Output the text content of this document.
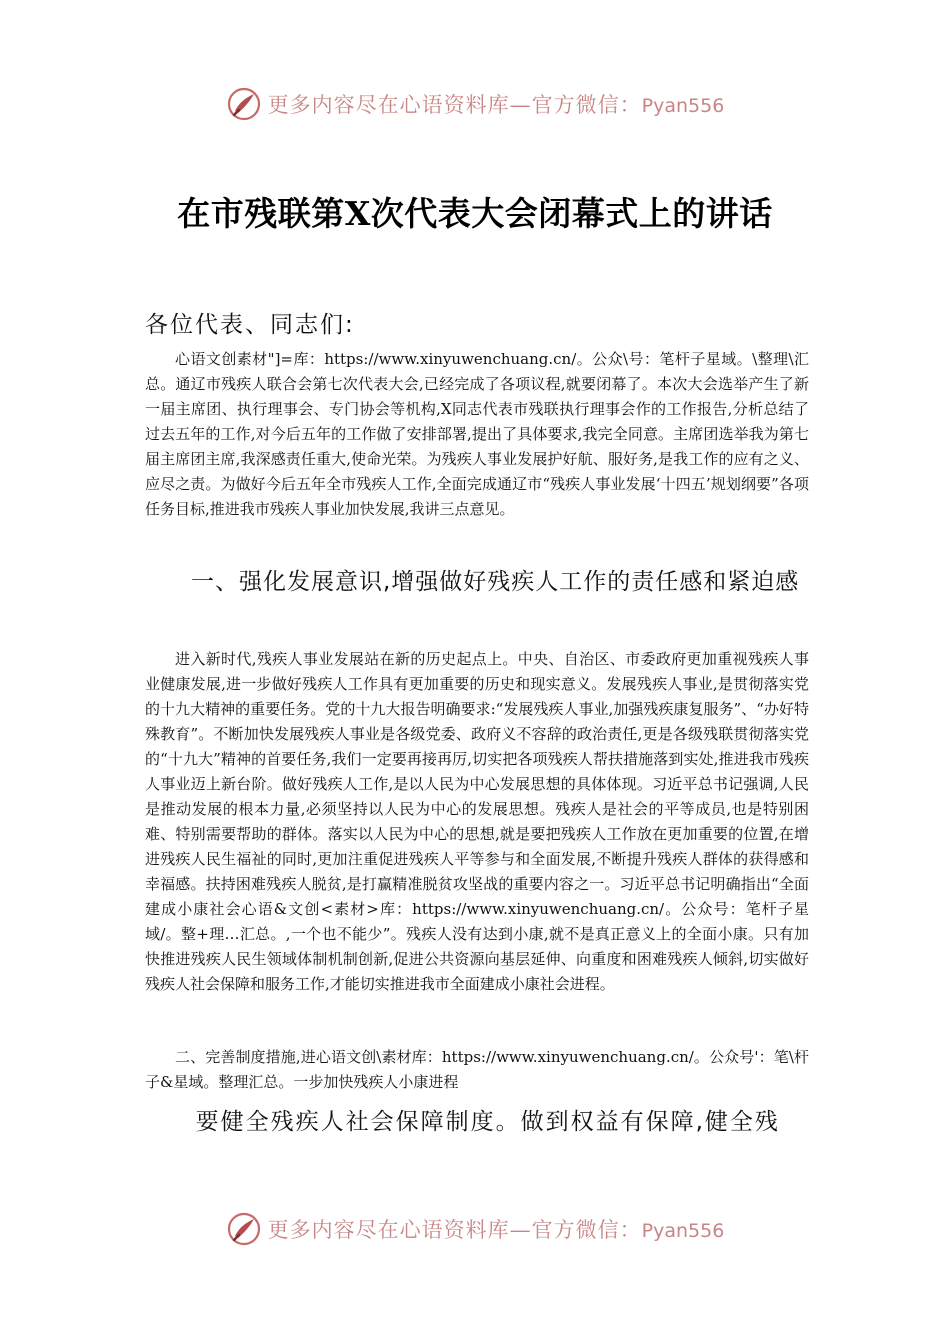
更多内容尽在心语资料库—官方微信：Pyan556
在市残联第X次代表大会闭幕式上的讲话

各位代表、同志们:

心语文创素材"]=库：https://www.xinyuwenchuang.cn/。公众\号：笔杆子星域。\整理\汇总。通辽市残疾人联合会第七次代表大会,已经完成了各项议程,就要闭幕了。本次大会选举产生了新一届主席团、执行理事会、专门协会等机构,X同志代表市残联执行理事会作的工作报告,分析总结了过去五年的工作,对今后五年的工作做了安排部署,提出了具体要求,我完全同意。主席团选举我为第七届主席团主席,我深感责任重大,使命光荣。为残疾人事业发展护好航、服好务,是我工作的应有之义、应尽之责。为做好今后五年全市残疾人工作,全面完成通辽市“残疾人事业发展‘十四五’规划纲要”各项任务目标,推进我市残疾人事业加快发展,我讲三点意见。

一、强化发展意识,增强做好残疾人工作的责任感和紧迫感

进入新时代,残疾人事业发展站在新的历史起点上。中央、自治区、市委政府更加重视残疾人事业健康发展,进一步做好残疾人工作具有更加重要的历史和现实意义。发展残疾人事业,是贯彻落实党的十九大精神的重要任务。党的十九大报告明确要求:“发展残疾人事业,加强残疾康复服务”、“办好特殊教育”。不断加快发展残疾人事业是各级党委、政府义不容辞的政治责任,更是各级残联贯彻落实党的“十九大”精神的首要任务,我们一定要再接再厉,切实把各项残疾人帮扶措施落到实处,推进我市残疾人事业迈上新台阶。做好残疾人工作,是以人民为中心发展思想的具体体现。习近平总书记强调,人民是推动发展的根本力量,必须坚持以人民为中心的发展思想。残疾人是社会的平等成员,也是特别困难、特别需要帮助的群体。落实以人民为中心的思想,就是要把残疾人工作放在更加重要的位置,在增进残疾人民生福祉的同时,更加注重促进残疾人平等参与和全面发展,不断提升残疾人群体的获得感和幸福感。扶持困难残疾人脱贫,是打赢精准脱贫攻坚战的重要内容之一。习近平总书记明确指出“全面建成小康社会心语&文创<素材>库：https://www.xinyuwenchuang.cn/。公众号：笔杆子星域/。整+理…汇总。,一个也不能少”。残疾人没有达到小康,就不是真正意义上的全面小康。只有加快推进残疾人民生领域体制机制创新,促进公共资源向基层延伸、向重度和困难残疾人倾斜,切实做好残疾人社会保障和服务工作,才能切实推进我市全面建成小康社会进程。

二、完善制度措施,进心语文创\素材库：https://www.xinyuwenchuang.cn/。公众号'：笔\杆子&星域。整理汇总。一步加快残疾人小康进程

要健全残疾人社会保障制度。做到权益有保障,健全残

更多内容尽在心语资料库—官方微信：Pyan556
